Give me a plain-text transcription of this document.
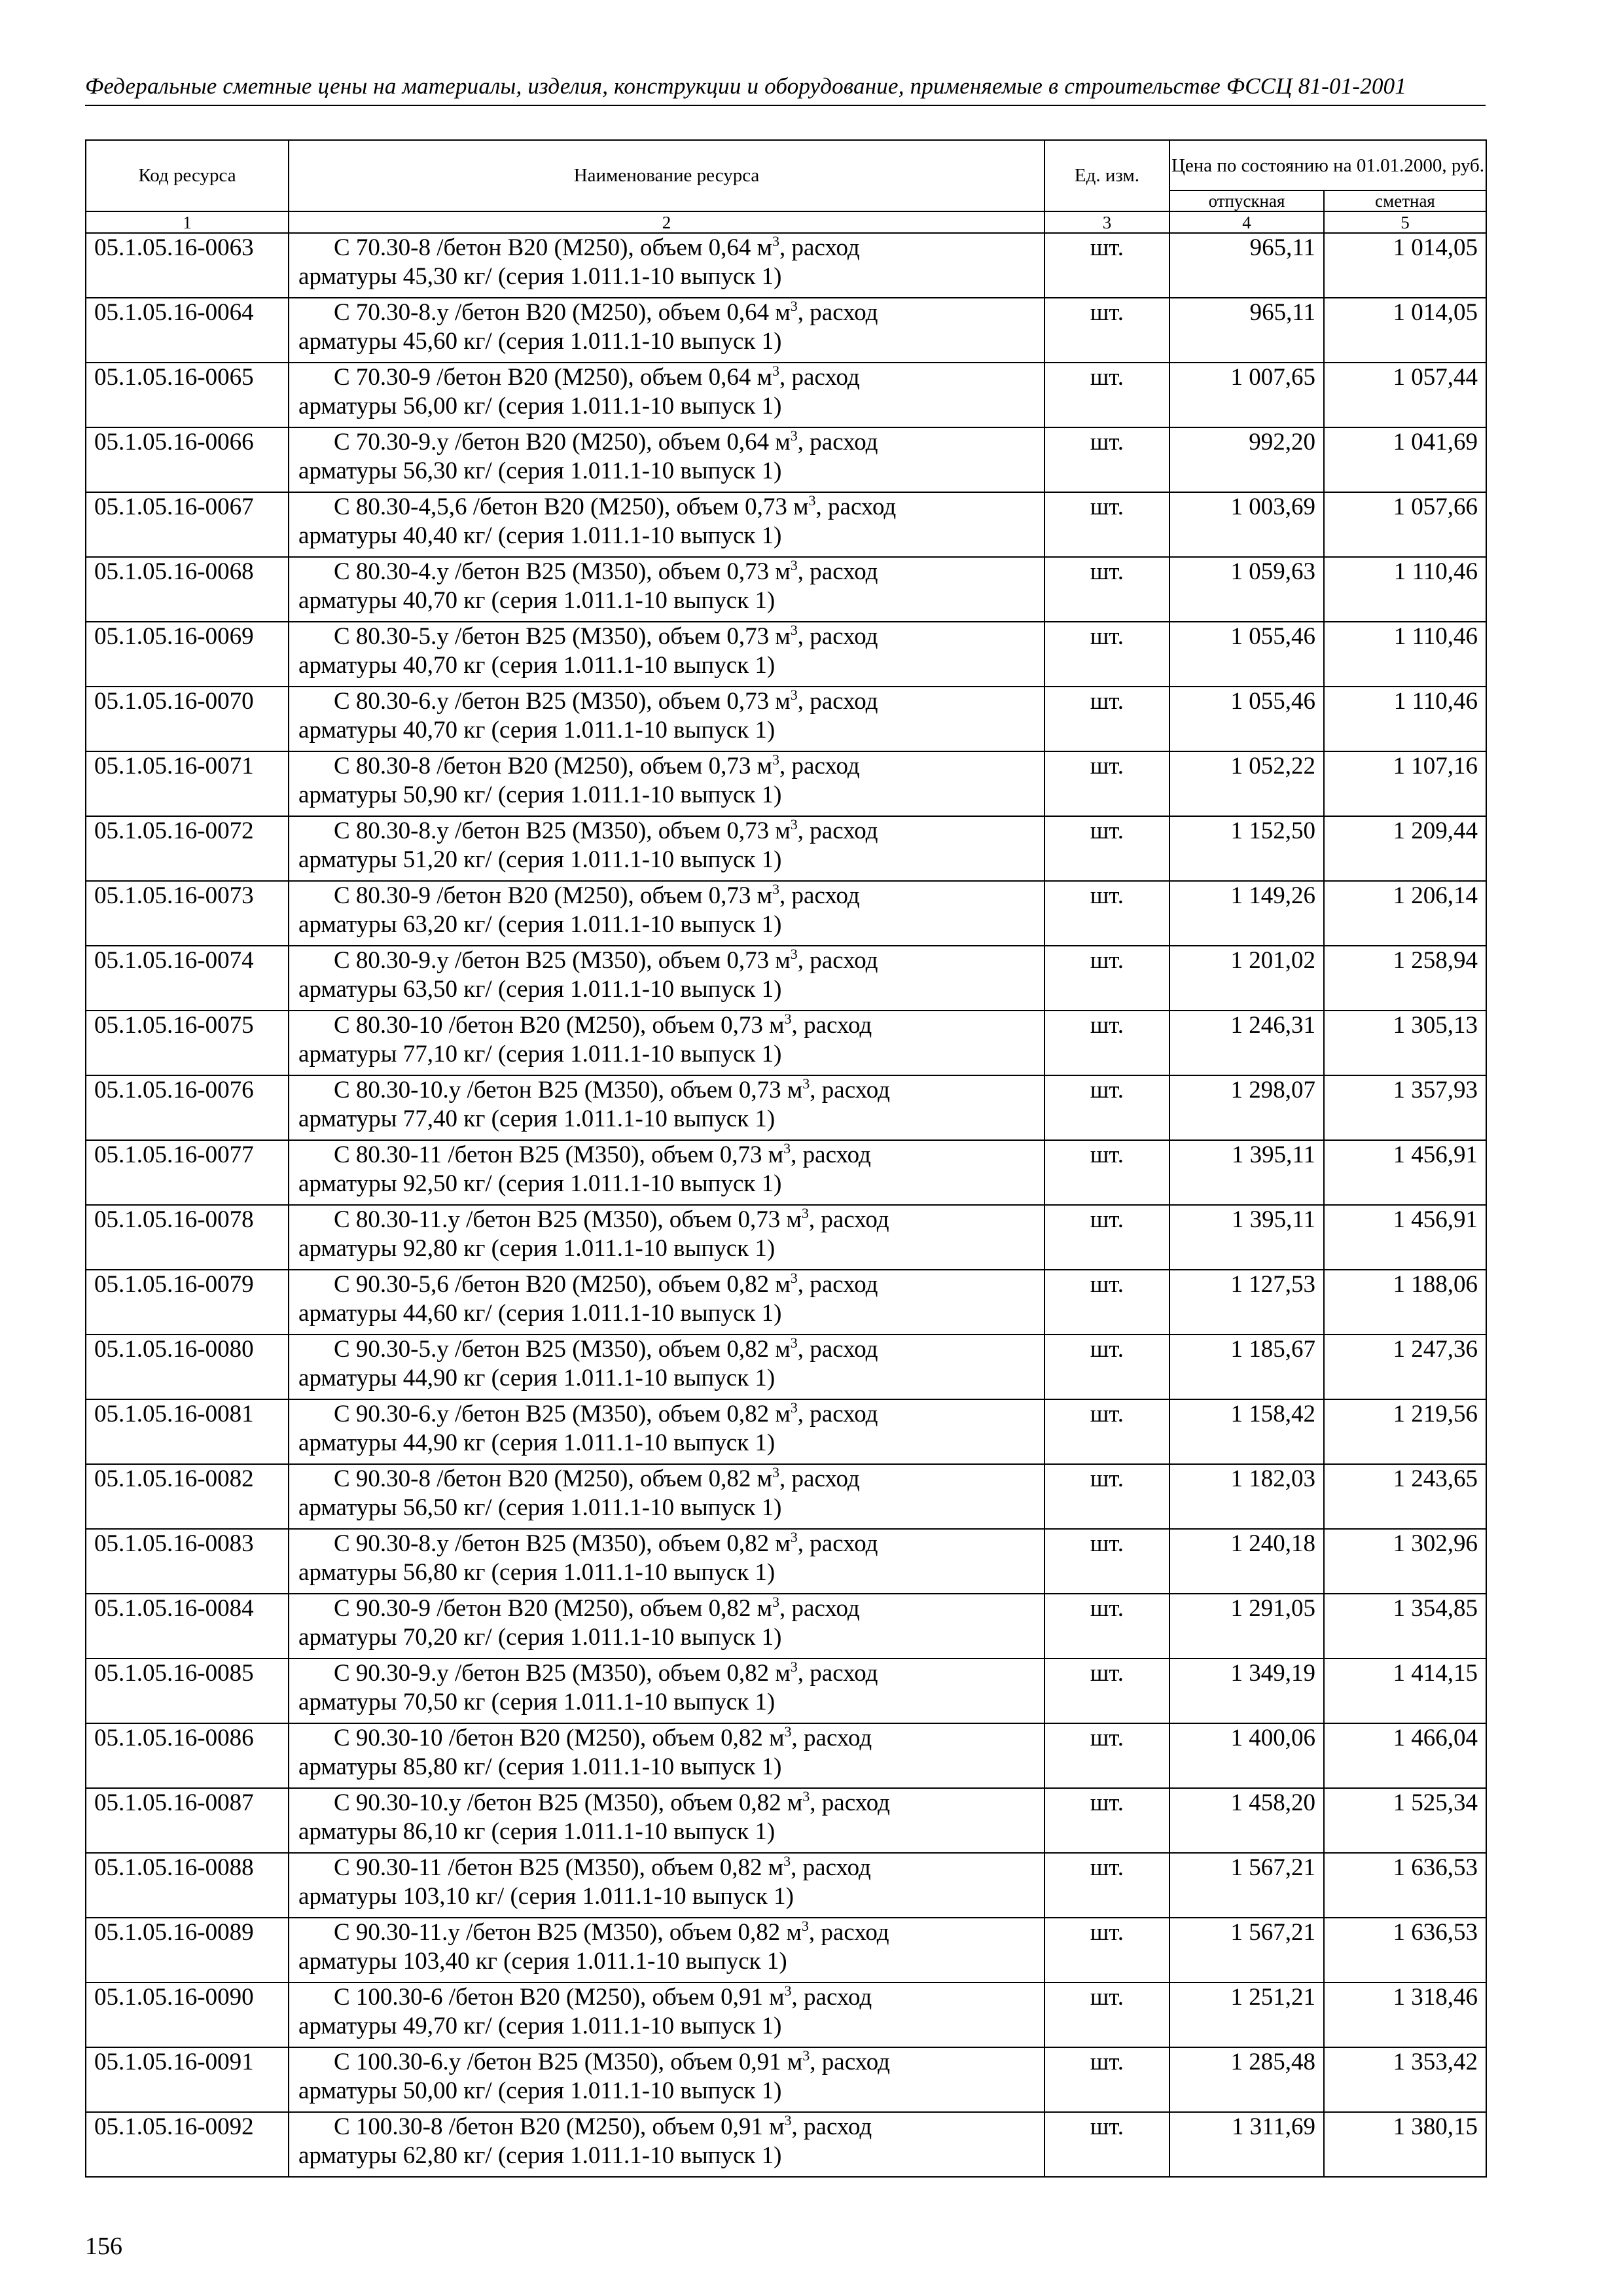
Федеральные сметные цены на материалы, изделия, конструкции и оборудование, применяемые в строительстве ФССЦ 81-01-2001
Код ресурса	Наименование ресурса	Ед. изм.	Цена по состоянию на 01.01.2000, руб.	
			отпускная	сметная
1	2	3	4	5
05.1.05.16-0063	С 70.30-8 /бетон В20 (М250), объем 0,64 $м^3$, расход
арматуры 45,30 кг/ (серия 1.011.1-10 выпуск 1)	шт.	965,11	1 014,05
05.1.05.16-0064	С 70.30-8.у /бетон В20 (М250), объем 0,64 $м^3$, расход
арматуры 45,60 кг/ (серия 1.011.1-10 выпуск 1)	шт.	965,11	1 014,05
05.1.05.16-0065	С 70.30-9 /бетон В20 (М250), объем 0,64 $м^3$, расход
арматуры 56,00 кг/ (серия 1.011.1-10 выпуск 1)	шт.	1 007,65	1 057,44
05.1.05.16-0066	С 70.30-9.у /бетон В20 (М250), объем 0,64 $м^3$, расход
арматуры 56,30 кг/ (серия 1.011.1-10 выпуск 1)	шт.	992,20	1 041,69
05.1.05.16-0067	С 80.30-4,5,6 /бетон В20 (М250), объем 0,73 $м^3$, расход
арматуры 40,40 кг/ (серия 1.011.1-10 выпуск 1)	шт.	1 003,69	1 057,66
05.1.05.16-0068	С 80.30-4.у /бетон В25 (М350), объем 0,73 $м^3$, расход
арматуры 40,70 кг (серия 1.011.1-10 выпуск 1)	шт.	1 059,63	1 110,46
05.1.05.16-0069	С 80.30-5.у /бетон В25 (М350), объем 0,73 $м^3$, расход
арматуры 40,70 кг (серия 1.011.1-10 выпуск 1)	шт.	1 055,46	1 110,46
05.1.05.16-0070	С 80.30-6.у /бетон В25 (М350), объем 0,73 $м^3$, расход
арматуры 40,70 кг (серия 1.011.1-10 выпуск 1)	шт.	1 055,46	1 110,46
05.1.05.16-0071	С 80.30-8 /бетон В20 (М250), объем 0,73 $м^3$, расход
арматуры 50,90 кг/ (серия 1.011.1-10 выпуск 1)	шт.	1 052,22	1 107,16
05.1.05.16-0072	С 80.30-8.у /бетон В25 (М350), объем 0,73 $м^3$, расход
арматуры 51,20 кг/ (серия 1.011.1-10 выпуск 1)	шт.	1 152,50	1 209,44
05.1.05.16-0073	С 80.30-9 /бетон В20 (М250), объем 0,73 $м^3$, расход
арматуры 63,20 кг/ (серия 1.011.1-10 выпуск 1)	шт.	1 149,26	1 206,14
05.1.05.16-0074	С 80.30-9.у /бетон В25 (М350), объем 0,73 $м^3$, расход
арматуры 63,50 кг/ (серия 1.011.1-10 выпуск 1)	шт.	1 201,02	1 258,94
05.1.05.16-0075	С 80.30-10 /бетон В20 (М250), объем 0,73 $м^3$, расход
арматуры 77,10 кг/ (серия 1.011.1-10 выпуск 1)	шт.	1 246,31	1 305,13
05.1.05.16-0076	С 80.30-10.у /бетон В25 (М350), объем 0,73 $м^3$, расход
арматуры 77,40 кг (серия 1.011.1-10 выпуск 1)	шт.	1 298,07	1 357,93
05.1.05.16-0077	С 80.30-11 /бетон В25 (М350), объем 0,73 $м^3$, расход
арматуры 92,50 кг/ (серия 1.011.1-10 выпуск 1)	шт.	1 395,11	1 456,91
05.1.05.16-0078	С 80.30-11.у /бетон В25 (М350), объем 0,73 $м^3$, расход
арматуры 92,80 кг (серия 1.011.1-10 выпуск 1)	шт.	1 395,11	1 456,91
05.1.05.16-0079	С 90.30-5,6 /бетон В20 (М250), объем 0,82 $м^3$, расход
арматуры 44,60 кг/ (серия 1.011.1-10 выпуск 1)	шт.	1 127,53	1 188,06
05.1.05.16-0080	С 90.30-5.у /бетон В25 (М350), объем 0,82 $м^3$, расход
арматуры 44,90 кг (серия 1.011.1-10 выпуск 1)	шт.	1 185,67	1 247,36
05.1.05.16-0081	С 90.30-6.у /бетон В25 (М350), объем 0,82 $м^3$, расход
арматуры 44,90 кг (серия 1.011.1-10 выпуск 1)	шт.	1 158,42	1 219,56
05.1.05.16-0082	С 90.30-8 /бетон В20 (М250), объем 0,82 $м^3$, расход
арматуры 56,50 кг/ (серия 1.011.1-10 выпуск 1)	шт.	1 182,03	1 243,65
05.1.05.16-0083	С 90.30-8.у /бетон В25 (М350), объем 0,82 $м^3$, расход
арматуры 56,80 кг (серия 1.011.1-10 выпуск 1)	шт.	1 240,18	1 302,96
05.1.05.16-0084	С 90.30-9 /бетон В20 (М250), объем 0,82 $м^3$, расход
арматуры 70,20 кг/ (серия 1.011.1-10 выпуск 1)	шт.	1 291,05	1 354,85
05.1.05.16-0085	С 90.30-9.у /бетон В25 (М350), объем 0,82 $м^3$, расход
арматуры 70,50 кг (серия 1.011.1-10 выпуск 1)	шт.	1 349,19	1 414,15
05.1.05.16-0086	С 90.30-10 /бетон В20 (М250), объем 0,82 $м^3$, расход
арматуры 85,80 кг/ (серия 1.011.1-10 выпуск 1)	шт.	1 400,06	1 466,04
05.1.05.16-0087	С 90.30-10.у /бетон В25 (М350), объем 0,82 $м^3$, расход
арматуры 86,10 кг (серия 1.011.1-10 выпуск 1)	шт.	1 458,20	1 525,34
05.1.05.16-0088	С 90.30-11 /бетон В25 (М350), объем 0,82 $м^3$, расход
арматуры 103,10 кг/ (серия 1.011.1-10 выпуск 1)	шт.	1 567,21	1 636,53
05.1.05.16-0089	С 90.30-11.у /бетон В25 (М350), объем 0,82 $м^3$, расход
арматуры 103,40 кг (серия 1.011.1-10 выпуск 1)	шт.	1 567,21	1 636,53
05.1.05.16-0090	С 100.30-6 /бетон В20 (М250), объем 0,91 $м^3$, расход
арматуры 49,70 кг/ (серия 1.011.1-10 выпуск 1)	шт.	1 251,21	1 318,46
05.1.05.16-0091	С 100.30-6.у /бетон В25 (М350), объем 0,91 $м^3$, расход
арматуры 50,00 кг/ (серия 1.011.1-10 выпуск 1)	шт.	1 285,48	1 353,42
05.1.05.16-0092	С 100.30-8 /бетон В20 (М250), объем 0,91 $м^3$, расход
арматуры 62,80 кг/ (серия 1.011.1-10 выпуск 1)	шт.	1 311,69	1 380,15
156
